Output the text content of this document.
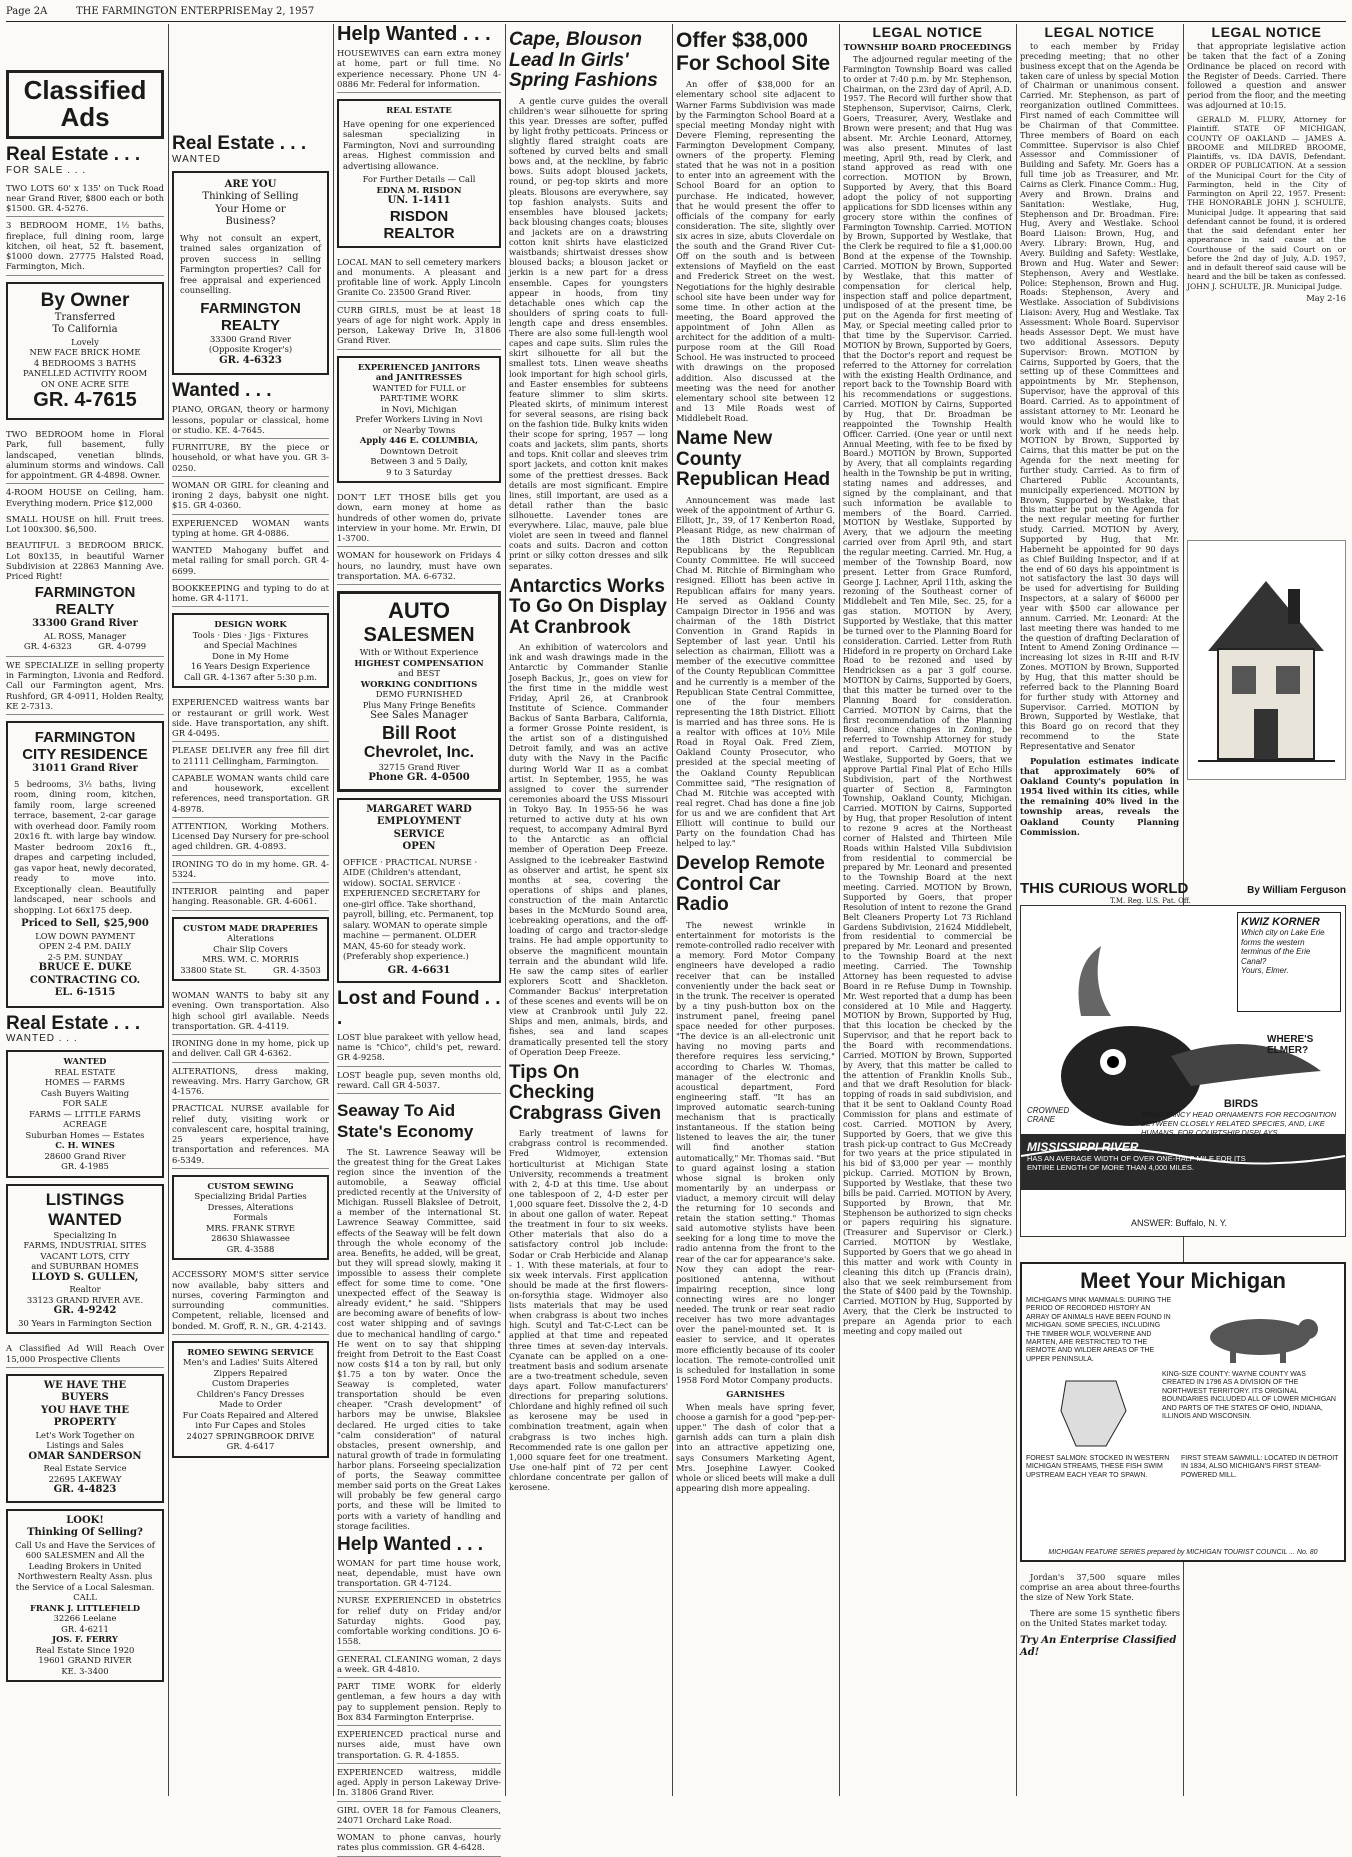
Page 2A	THE FARMINGTON ENTERPRISE May 2, 1957
Classified Ads
Real Estate . . .
FOR SALE . . .
TWO LOTS 60' x 135' on Tuck Road near Grand River, $800 each or both $1500. GR. 4-5276.
3 BEDROOM HOME, 1½ baths, fireplace, full dining room, large kitchen, oil heat, 52 ft. basement, $1000 down. 27775 Halsted Road, Farmington, Mich.
By Owner
Transferred
To California
Lovely
NEW FACE BRICK HOME
4 BEDROOMS 3 BATHS
PANELLED ACTIVITY ROOM
ON ONE ACRE SITE
GR. 4-7615
TWO BEDROOM home in Floral Park, full basement, fully landscaped, venetian blinds, aluminum storms and windows. Call for appointment. GR 4-4898. Owner.
4-ROOM HOUSE on Ceiling, ham. Everything modern. Price $12,000
SMALL HOUSE on hill. Fruit trees. Lot 100x300. $6,500.
BEAUTIFUL 3 BEDROOM BRICK. Lot 80x135, in beautiful Warner Subdivision at 22863 Manning Ave. Priced Right!
FARMINGTON
REALTY
33300 Grand River
AL ROSS, Manager
GR. 4-6323          GR. 4-0799
WE SPECIALIZE in selling property in Farmington, Livonia and Redford. Call our Farmington agent, Mrs. Rushford, GR 4-0911, Holden Realty, KE 2-7313.
FARMINGTON
CITY RESIDENCE
31011 Grand River
5 bedrooms, 3½ baths, living room, dining room, kitchen, family room, large screened terrace, basement, 2-car garage with overhead door. Family room 20x16 ft. with large bay window. Master bedroom 20x16 ft., drapes and carpeting included, gas vapor heat, newly decorated, ready to move into. Exceptionally clean. Beautifully landscaped, near schools and shopping. Lot 66x175 deep.
Priced to Sell, $25,900
LOW DOWN PAYMENT
OPEN 2-4 P.M. DAILY
2-5 P.M. SUNDAY
BRUCE E. DUKE
CONTRACTING CO.
EL. 6-1515
Real Estate . . .
WANTED . . .
WANTED
REAL ESTATE
HOMES — FARMS
Cash Buyers Waiting
FOR SALE
FARMS — LITTLE FARMS
ACREAGE
Suburban Homes — Estates
C. H. WINES
28600 Grand River
GR. 4-1985
LISTINGS WANTED
Specializing In
FARMS, INDUSTRIAL SITES
VACANT LOTS, CITY
and SUBURBAN HOMES
LLOYD S. GULLEN,
Realtor
33123 GRAND RIVER AVE.
GR. 4-9242
30 Years in Farmington Section
A Classified Ad Will Reach Over 15,000 Prospective Clients
WE HAVE THE
BUYERS
YOU HAVE THE
PROPERTY
Let's Work Together on
Listings and Sales
OMAR SANDERSON
Real Estate Service
22695 LAKEWAY
GR. 4-4823
LOOK!
Thinking Of Selling?
Call Us and Have the Services of 600 SALESMEN and All the Leading Brokers in United Northwestern Realty Assn. plus the Service of a Local Salesman.
CALL
FRANK J. LITTLEFIELD
32266 Leelane
GR. 4-6211
JOS. F. FERRY
Real Estate Since 1920
19601 GRAND RIVER
KE. 3-3400
Real Estate . . .
WANTED
ARE YOU
Thinking of Selling
Your Home or
Business?
Why not consult an expert, trained sales organization of proven success in selling Farmington properties? Call for free appraisal and experienced counselling.
FARMINGTON
REALTY
33300 Grand River
(Opposite Kroger's)
GR. 4-6323
Wanted . . .
PIANO, ORGAN, theory or harmony lessons, popular or classical, home or studio. KE. 4-7645.
FURNITURE, BY the piece or household, or what have you. GR 3-0250.
WOMAN OR GIRL for cleaning and ironing 2 days, babysit one night. $15. GR 4-0360.
EXPERIENCED WOMAN wants typing at home. GR 4-0886.
WANTED Mahogany buffet and metal railing for small porch. GR 4-6699.
BOOKKEEPING and typing to do at home. GR 4-1171.
DESIGN WORK
Tools · Dies · Jigs · Fixtures
and Special Machines
Done in My Home
16 Years Design Experience
Call GR. 4-1367 after 5:30 p.m.
EXPERIENCED waitress wants bar or restaurant or grill work. West side. Have transportation, any shift. GR 4-0495.
PLEASE DELIVER any free fill dirt to 21111 Cellingham, Farmington.
CAPABLE WOMAN wants child care and housework, excellent references, need transportation. GR 4-8978.
ATTENTION, Working Mothers. Licensed Day Nursery for pre-school aged children. GR. 4-0893.
IRONING TO do in my home. GR. 4-5324.
INTERIOR painting and paper hanging. Reasonable. GR. 4-6061.
CUSTOM MADE DRAPERIES
Alterations
Chair Slip Covers
MRS. WM. C. MORRIS
33800 State St.          GR. 4-3503
WOMAN WANTS to baby sit any evening. Own transportation. Also high school girl available. Needs transportation. GR. 4-4119.
IRONING done in my home, pick up and deliver. Call GR 4-6362.
ALTERATIONS, dress making, reweaving. Mrs. Harry Garchow, GR 4-1576.
PRACTICAL NURSE available for relief duty, visiting work or convalescent care, hospital training, 25 years experience, have transportation and references. MA 6-5349.
CUSTOM SEWING
Specializing Bridal Parties
Dresses, Alterations
Formals
MRS. FRANK STRYE
28630 Shiawassee
GR. 4-3588
ACCESSORY MOM'S sitter service now available, baby sitters and nurses, covering Farmington and surrounding communities. Competent, reliable, licensed and bonded. M. Groff, R. N., GR. 4-2143.
ROMEO SEWING SERVICE
Men's and Ladies' Suits Altered
Zippers Repaired
Custom Draperies
Children's Fancy Dresses
Made to Order
Fur Coats Repaired and Altered into Fur Capes and Stoles
24027 SPRINGBROOK DRIVE
GR. 4-6417
Help Wanted . . .
HOUSEWIVES can earn extra money at home, part or full time. No experience necessary. Phone UN 4-0886 Mr. Federal for information.
REAL ESTATE
Have opening for one experienced salesman specializing in Farmington, Novi and surrounding areas. Highest commission and advertising allowance.
For Further Details — Call
EDNA M. RISDON
UN. 1-1411
RISDON
REALTOR
LOCAL MAN to sell cemetery markers and monuments. A pleasant and profitable line of work. Apply Lincoln Granite Co. 23500 Grand River.
CURB GIRLS, must be at least 18 years of age for night work. Apply in person, Lakeway Drive In, 31806 Grand River.
EXPERIENCED JANITORS
and JANITRESSES
WANTED for FULL or
PART-TIME WORK
in Novi, Michigan
Prefer Workers Living in Novi
or Nearby Towns
Apply 446 E. COLUMBIA,
Downtown Detroit
Between 3 and 5 Daily,
9 to 3 Saturday
DON'T LET THOSE bills get you down, earn money at home as hundreds of other women do, private interview in your home. Mr. Erwin, DI 1-3700.
WOMAN for housework on Fridays 4 hours, no laundry, must have own transportation. MA. 6-6732.
AUTO
SALESMEN
With or Without Experience
HIGHEST COMPENSATION
and BEST
WORKING CONDITIONS
DEMO FURNISHED
Plus Many Fringe Benefits
See Sales Manager
Bill Root
Chevrolet, Inc.
32715 Grand River
Phone GR. 4-0500
MARGARET WARD
EMPLOYMENT
SERVICE
OPEN
OFFICE · PRACTICAL NURSE · AIDE (Children's attendant, widow). SOCIAL SERVICE · EXPERIENCED SECRETARY for one-girl office. Take shorthand, payroll, billing, etc. Permanent, top salary. WOMAN to operate simple machine — permanent. OLDER MAN, 45-60 for steady work. (Preferably shop experience.)
GR. 4-6631
Lost and Found . . .
LOST blue parakeet with yellow head, name is "Chico", child's pet, reward. GR 4-9258.
LOST beagle pup, seven months old, reward. Call GR 4-5037.
Seaway To Aid State's Economy

The St. Lawrence Seaway will be the greatest thing for the Great Lakes region since the invention of the automobile, a Seaway official predicted recently at the University of Michigan. Russell Blakslee of Detroit, a member of the international St. Lawrence Seaway Committee, said effects of the Seaway will be felt down through the whole economy of the area. Benefits, he added, will be great, but they will spread slowly, making it impossible to assess their complete effect for some time to come. "One unexpected effect of the Seaway is already evident," he said. "Shippers are becoming aware of benefits of low-cost water shipping and of savings due to mechanical handling of cargo." He went on to say that shipping freight from Detroit to the East Coast now costs $14 a ton by rail, but only $1.75 a ton by water. Once the Seaway is completed, water transportation should be even cheaper. "Crash development" of harbors may be unwise, Blakslee declared. He urged cities to take "calm consideration" of natural obstacles, present ownership, and natural growth of trade in formulating harbor plans. Forseeing specialization of ports, the Seaway committee member said ports on the Great Lakes will probably be few general cargo ports, and these will be limited to ports with a variety of handling and storage facilities.

Help Wanted . . .
WOMAN for part time house work, neat, dependable, must have own transportation. GR 4-7124.
NURSE EXPERIENCED in obstetrics for relief duty on Friday and/or Saturday nights. Good pay, comfortable working conditions. JO 6-1558.
GENERAL CLEANING woman, 2 days a week. GR 4-4810.
PART TIME WORK for elderly gentleman, a few hours a day with pay to supplement pension. Reply to Box 834 Farmington Enterprise.
EXPERIENCED practical nurse and nurses aide, must have own transportation. G. R. 4-1855.
EXPERIENCED waitress, middle aged. Apply in person Lakeway Drive-In. 31806 Grand River.
GIRL OVER 18 for Famous Cleaners, 24071 Orchard Lake Road.
WOMAN to phone canvas, hourly rates plus commission. GR 4-6428.
Cape, Blouson Lead In Girls' Spring Fashions

A gentle curve guides the overall children's wear silhouette for spring this year. Dresses are softer, puffed by light frothy petticoats. Princess or slightly flared straight coats are softened by curved belts and small bows and, at the neckline, by fabric bows. Suits adopt bloused jackets, round, or peg-top skirts and more pleats. Blousons are everywhere, say top fashion analysts. Suits and ensembles have bloused jackets; back blousing changes coats; blouses and jackets are on a drawstring cotton knit shirts have elasticized waistbands; shirtwaist dresses show bloused backs; a blouson jacket or jerkin is a new part for a dress ensemble. Capes for youngsters appear in hoods, from tiny detachable ones which cap the shoulders of spring coats to full-length cape and dress ensembles. There are also some full-length wool capes and cape suits. Slim rules the skirt silhouette for all but the smallest tots. Linen weave sheaths look important for high school girls, and Easter ensembles for subteens feature slimmer to slim skirts. Pleated skirts, of minimum interest for several seasons, are rising back on the fashion tide. Bulky knits widen their scope for spring, 1957 — long coats and jackets, slim pants, shorts and tops. Knit collar and sleeves trim sport jackets, and cotton knit makes some of the prettiest dresses. Back details are most significant. Empire lines, still important, are used as a detail rather than the basic silhouette. Lavender tones are everywhere. Lilac, mauve, pale blue violet are seen in tweed and flannel coats and suits. Dacron and cotton print or silky cotton dresses and silk separates.

Antarctics Works To Go On Display At Cranbrook

An exhibition of watercolors and ink and wash drawings made in the Antarctic by Commander Stanlie Joseph Backus, Jr., goes on view for the first time in the middle west Friday, April 26, at Cranbrook Institute of Science. Commander Backus of Santa Barbara, California, a former Grosse Pointe resident, is the artist son of a distinguished Detroit family, and was an active duty with the Navy in the Pacific during World War II as a combat artist. In September, 1955, he was assigned to cover the surrender ceremonies aboard the USS Missouri in Tokyo Bay. In 1955-56 he was returned to active duty at his own request, to accompany Admiral Byrd to the Antarctic as an official member of Operation Deep Freeze. Assigned to the icebreaker Eastwind as observer and artist, he spent six months at sea, covering the operations of ships and planes, construction of the main Antarctic bases in the McMurdo Sound area, icebreaking operations, and the off-loading of cargo and tractor-sledge trains. He had ample opportunity to observe the magnificent mountain terrain and the abundant wild life. He saw the camp sites of earlier explorers Scott and Shackleton. Commander Backus' interpretation of these scenes and events will be on view at Cranbrook until July 22. Ships and men, animals, birds, and fishes, sea and land scapes dramatically presented tell the story of Operation Deep Freeze.

Tips On Checking Crabgrass Given

Early treatment of lawns for crabgrass control is recommended. Fred Widmoyer, extension horticulturist at Michigan State University, recommends a treatment with 2, 4-D at this time. Use about one tablespoon of 2, 4-D ester per 1,000 square feet. Dissolve the 2, 4-D in about one gallon of water. Repeat the treatment in four to six weeks. Other materials that also do a satisfactory control job include: Sodar or Crab Herbicide and Alanap - 1. With these materials, at four to six week intervals. First application should be made at the first flowers-on-forsythia stage. Widmoyer also lists materials that may be used when crabgrass is about two inches high. Scutyl and Tat-C-Lect can be applied at that time and repeated three times at seven-day intervals. Cyanate can be applied on a one-treatment basis and sodium arsenate are a two-treatment schedule, seven days apart. Follow manufacturers' directions for preparing solutions. Chlordane and highly refined oil such as kerosene may be used in combination treatment, again when crabgrass is two inches high. Recommended rate is one gallon per 1,000 square feet for one treatment. Use one-half pint of 72 per cent chlordane concentrate per gallon of kerosene.

Offer $38,000 For School Site

An offer of $38,000 for an elementary school site adjacent to Warner Farms Subdivision was made by the Farmington School Board at a special meeting Monday night with Devere Fleming, representing the Farmington Development Company, owners of the property. Fleming stated that he was not in a position to enter into an agreement with the School Board for an option to purchase. He indicated, however, that he would present the offer to officials of the company for early consideration. The site, slightly over six acres in size, abuts Cloverdale on the south and the Grand River Cut-Off on the south and is between extensions of Mayfield on the east and Frederick Street on the west. Negotiations for the highly desirable school site have been under way for some time. In other action at the meeting, the Board approved the appointment of John Allen as architect for the addition of a multi-purpose room at the Gill Road School. He was instructed to proceed with drawings on the proposed addition. Also discussed at the meeting was the need for another elementary school site between 12 and 13 Mile Roads west of Middlebelt Road.

Name New County Republican Head

Announcement was made last week of the appointment of Arthur G. Elliott, Jr., 39, of 17 Kenberton Road, Pleasant Ridge, as new chairman of the 18th District Congressional Republicans by the Republican County Committee. He will succeed Chad M. Ritchie of Birmingham who resigned. Elliott has been active in Republican affairs for many years. He served as Oakland County Campaign Director in 1956 and was chairman of the 18th District Convention in Grand Rapids in September of last year. Until his selection as chairman, Elliott was a member of the executive committee of the County Republican Committee and he currently is a member of the Republican State Central Committee, one of the four members representing the 18th District. Elliott is married and has three sons. He is a realtor with offices at 10½ Mile Road in Royal Oak. Fred Ziem, Oakland County Prosecutor, who presided at the special meeting of the Oakland County Republican Committee said, "The resignation of Chad M. Ritchie was accepted with real regret. Chad has done a fine job for us and we are confident that Art Elliott will continue to build our Party on the foundation Chad has helped to lay."

Develop Remote Control Car Radio

The newest wrinkle in entertainment for motorists is the remote-controlled radio receiver with a memory. Ford Motor Company engineers have developed a radio receiver that can be installed conveniently under the back seat or in the trunk. The receiver is operated by a tiny push-button box on the instrument panel, freeing panel space needed for other purposes. "The device is an all-electronic unit having no moving parts and therefore requires less servicing," according to Charles W. Thomas, manager of the electronic and acoustical department, Ford engineering staff. "It has an improved automatic search-tuning mechanism that is practically instantaneous. If the station being listened to leaves the air, the tuner will find another station automatically," Mr. Thomas said. "But to guard against losing a station whose signal is broken only momentarily by an underpass or viaduct, a memory circuit will delay the returning for 10 seconds and retain the station setting." Thomas said automotive stylists have been seeking for a long time to move the radio antenna from the front to the rear of the car for appearance's sake. Now they can adopt the rear-positioned antenna, without impairing reception, since long connecting wires are no longer needed. The trunk or rear seat radio receiver has two more advantages over the panel-mounted set. It is easier to service, and it operates more efficiently because of its cooler location. The remote-controlled unit is scheduled for installation in some 1958 Ford Motor Company products.

GARNISHES

When meals have spring fever, choose a garnish for a good "pep-per-upper." The dash of color that a garnish adds can turn a plain dish into an attractive appetizing one, says Consumers Marketing Agent, Mrs. Josephine Lawyer. Cooked whole or sliced beets will make a dull appearing dish more appealing.

LEGAL NOTICE
TOWNSHIP BOARD PROCEEDINGS

The adjourned regular meeting of the Farmington Township Board was called to order at 7:40 p.m. by Mr. Stephenson, Chairman, on the 23rd day of April, A.D. 1957. The Record will further show that Stephenson, Supervisor, Cairns, Clerk, Goers, Treasurer, Avery, Westlake and Brown were present; and that Hug was absent. Mr. Archie Leonard, Attorney, was also present. Minutes of last meeting, April 9th, read by Clerk, and stand approved as read with one correction. MOTION by Brown, Supported by Avery, that this Board adopt the policy of not supporting applications for SDD licenses within any grocery store within the confines of Farmington Township. Carried. MOTION by Brown, Supported by Westlake, that the Clerk be required to file a $1,000.00 Bond at the expense of the Township. Carried. MOTION by Brown, Supported by Westlake, that this matter of compensation for clerical help, inspection staff and police department, undisposed of at the present time, be put on the Agenda for first meeting of May, or Special meeting called prior to that time by the Supervisor. Carried. MOTION by Brown, Supported by Goers, that the Doctor's report and request be referred to the Attorney for correlation with the existing Health Ordinance, and report back to the Township Board with his recommendations or suggestions. Carried. MOTION by Cairns, Supported by Hug, that Dr. Broadman be reappointed the Township Health Officer. Carried. (One year or until next Annual Meeting, with fee to be fixed by Board.) MOTION by Brown, Supported by Avery, that all complaints regarding health in the Township be put in writing, stating names and addresses, and signed by the complainant, and that such information be available to members of the Board. Carried. MOTION by Westlake, Supported by Avery, that we adjourn the meeting carried over from April 9th, and start the regular meeting. Carried. Mr. Hug, a member of the Township Board, now present. Letter from Grace Rumford, George J. Lachner, April 11th, asking the rezoning of the Southeast corner of Middlebelt and Ten Mile, Sec. 25, for a gas station. MOTION by Avery, Supported by Westlake, that this matter be turned over to the Planning Board for consideration. Carried. Letter from Ruth Hideford in re property on Orchard Lake Road to be rezoned and used by Hendricksen as a par 3 golf course. MOTION by Cairns, Supported by Goers, that this matter be turned over to the Planning Board for consideration. Carried. MOTION by Cairns, that the first recommendation of the Planning Board, since changes in Zoning, be referred to Township Attorney for study and report. Carried. MOTION by Westlake, Supported by Goers, that we approve Partial Final Plat of Echo Hills Subdivision, part of the Northwest quarter of Section 8, Farmington Township, Oakland County, Michigan. Carried. MOTION by Cairns, Supported by Hug, that proper Resolution of intent to rezone 9 acres at the Northeast corner of Halsted and Thirteen Mile Roads within Halsted Villa Subdivision from residential to commercial be prepared by Mr. Leonard and presented to the Township Board at the next meeting. Carried. MOTION by Brown, Supported by Goers, that proper Resolution of intent to rezone the Grand Belt Cleaners Property Lot 73 Richland Gardens Subdivision, 21624 Middlebelt, from residential to commercial be prepared by Mr. Leonard and presented to the Township Board at the next meeting. Carried. The Township Attorney has been requested to advise Board in re Refuse Dump in Township. Mr. West reported that a dump has been considered at 10 Mile and Haggerty. MOTION by Brown, Supported by Hug, that this location be checked by the Supervisor, and that he report back to the Board with recommendations. Carried. MOTION by Brown, Supported by Avery, that this matter be called to the attention of Franklin Knolls Sub., and that we draft Resolution for black-topping of roads in said subdivision, and that it be sent to Oakland County Road Commission for plans and estimate of cost. Carried. MOTION by Avery, Supported by Goers, that we give this trash pick-up contract to Gus McCready for two years at the price stipulated in his bid of $3,000 per year — monthly pickup. Carried. MOTION by Brown, Supported by Westlake, that these two bills be paid. Carried. MOTION by Avery, Supported by Brown, that Mr. Stephenson be authorized to sign checks or papers requiring his signature. (Treasurer and Supervisor or Clerk.) Carried. MOTION by Westlake, Supported by Goers that we go ahead in this matter and work with County in cleaning this ditch up (Francis drain), also that we seek reimbursement from the State of $400 paid by the Township. Carried. MOTION by Hug, Supported by Avery, that the Clerk be instructed to prepare an Agenda prior to each meeting and copy mailed out

LEGAL NOTICE

to each member by Friday preceding meeting; that no other business except that on the Agenda be taken care of unless by special Motion of Chairman or unanimous consent. Carried. Mr. Stephenson, as part of reorganization outlined Committees. First named of each Committee will be Chairman of that Committee. Three members of Board on each Committee. Supervisor is also Chief Assessor and Commissioner of Building and Safety. Mr. Goers has a full time job as Treasurer, and Mr. Cairns as Clerk. Finance Comm.: Hug, Avery and Brown. Drains and Sanitation: Westlake, Hug, Stephenson and Dr. Broadman. Fire: Hug, Avery and Westlake. School Board Liaison: Brown, Hug, and Avery. Library: Brown, Hug, and Avery. Building and Safety: Westlake, Brown and Hug. Water and Sewer: Stephenson, Avery and Westlake. Police: Stephenson, Brown and Hug. Roads: Stephenson, Avery and Westlake. Association of Subdivisions Liaison: Avery, Hug and Westlake. Tax Assessment: Whole Board. Supervisor heads Assessor Dept. We must have two additional Assessors. Deputy Supervisor: Brown. MOTION by Cairns, Supported by Goers, that the setting up of these Committees and appointments by Mr. Stephenson, Supervisor, have the approval of this Board. Carried. As to appointment of assistant attorney to Mr. Leonard he would know who he would like to work with and if he needs help. MOTION by Brown, Supported by Cairns, that this matter be put on the Agenda for the next meeting for further study. Carried. As to firm of Chartered Public Accountants, municipally experienced. MOTION by Brown, Supported by Westlake, that this matter be put on the Agenda for the next regular meeting for further study. Carried. MOTION by Avery, Supported by Hug, that Mr. Haberneht be appointed for 90 days as Chief Building Inspector, and if at the end of 60 days his appointment is not satisfactory the last 30 days will be used for advertising for Building Inspectors, at a salary of $6000 per year with $500 car allowance per annum. Carried. Mr. Leonard: At the last meeting there was handed to me the question of drafting Declaration of Intent to Amend Zoning Ordinance — increasing lot sizes in R-III and R-IV Zones. MOTION by Brown, Supported by Hug, that this matter should be referred back to the Planning Board for further study with Attorney and Supervisor. Carried. MOTION by Brown, Supported by Westlake, that this Board go on record that they recommend to the State Representative and Senator

Population estimates indicate that approximately 60% of Oakland County's population in 1954 lived within its cities, while the remaining 40% lived in the township areas, reveals the Oakland County Planning Commission.

LEGAL NOTICE

that appropriate legislative action be taken that the fact of a Zoning Ordinance be placed on record with the Register of Deeds. Carried. There followed a question and answer period from the floor, and the meeting was adjourned at 10:15.

GERALD M. FLURY, Attorney for Plaintiff. STATE OF MICHIGAN, COUNTY OF OAKLAND — JAMES A. BROOME and MILDRED BROOME, Plaintiffs, vs. IDA DAVIS, Defendant. ORDER OF PUBLICATION. At a session of the Municipal Court for the City of Farmington, held in the City of Farmington on April 22, 1957. Present: THE HONORABLE JOHN J. SCHULTE, Municipal Judge. It appearing that said defendant cannot be found, it is ordered that the said defendant enter her appearance in said cause at the Courthouse of the said Court on or before the 2nd day of July, A.D. 1957, and in default thereof said cause will be heard and the bill be taken as confessed. JOHN J. SCHULTE, JR. Municipal Judge.

May 2-16
THIS CURIOUS WORLD	By William Ferguson
T.M. Reg. U.S. Pat. Off.
KWIZ KORNER
Which city on Lake Erie forms the western terminus of the Erie Canal?
Yours, Elmer.
WHERE'S ELMER?
CROWNED CRANE
BIRDS
WEAR FANCY HEAD ORNAMENTS FOR RECOGNITION BETWEEN CLOSELY RELATED SPECIES, AND, LIKE HUMANS, FOR COURTSHIP DISPLAYS.
MISSISSIPPI RIVER
HAS AN AVERAGE WIDTH OF OVER ONE-HALF MILE FOR ITS ENTIRE LENGTH OF MORE THAN 4,000 MILES.
ANSWER: Buffalo, N. Y.
Meet Your Michigan
MICHIGAN'S MINK MAMMALS: DURING THE PERIOD OF RECORDED HISTORY AN ARRAY OF ANIMALS HAVE BEEN FOUND IN MICHIGAN. SOME SPECIES, INCLUDING THE TIMBER WOLF, WOLVERINE AND MARTEN, ARE RESTRICTED TO THE REMOTE AND WILDER AREAS OF THE UPPER PENINSULA.
KING-SIZE COUNTY: WAYNE COUNTY WAS CREATED IN 1796 AS A DIVISION OF THE NORTHWEST TERRITORY. ITS ORIGINAL BOUNDARIES INCLUDED ALL OF LOWER MICHIGAN AND PARTS OF THE STATES OF OHIO, INDIANA, ILLINOIS AND WISCONSIN.
FOREST SALMON: STOCKED IN WESTERN MICHIGAN STREAMS, THESE FISH SWIM UPSTREAM EACH YEAR TO SPAWN.
FIRST STEAM SAWMILL: LOCATED IN DETROIT IN 1834, ALSO MICHIGAN'S FIRST STEAM-POWERED MILL.
MICHIGAN FEATURE SERIES prepared by MICHIGAN TOURIST COUNCIL ... No. 80

Jordan's 37,500 square miles comprise an area about three-fourths the size of New York State.

There are some 15 synthetic fibers on the United States market today.

Try An Enterprise Classified Ad!
